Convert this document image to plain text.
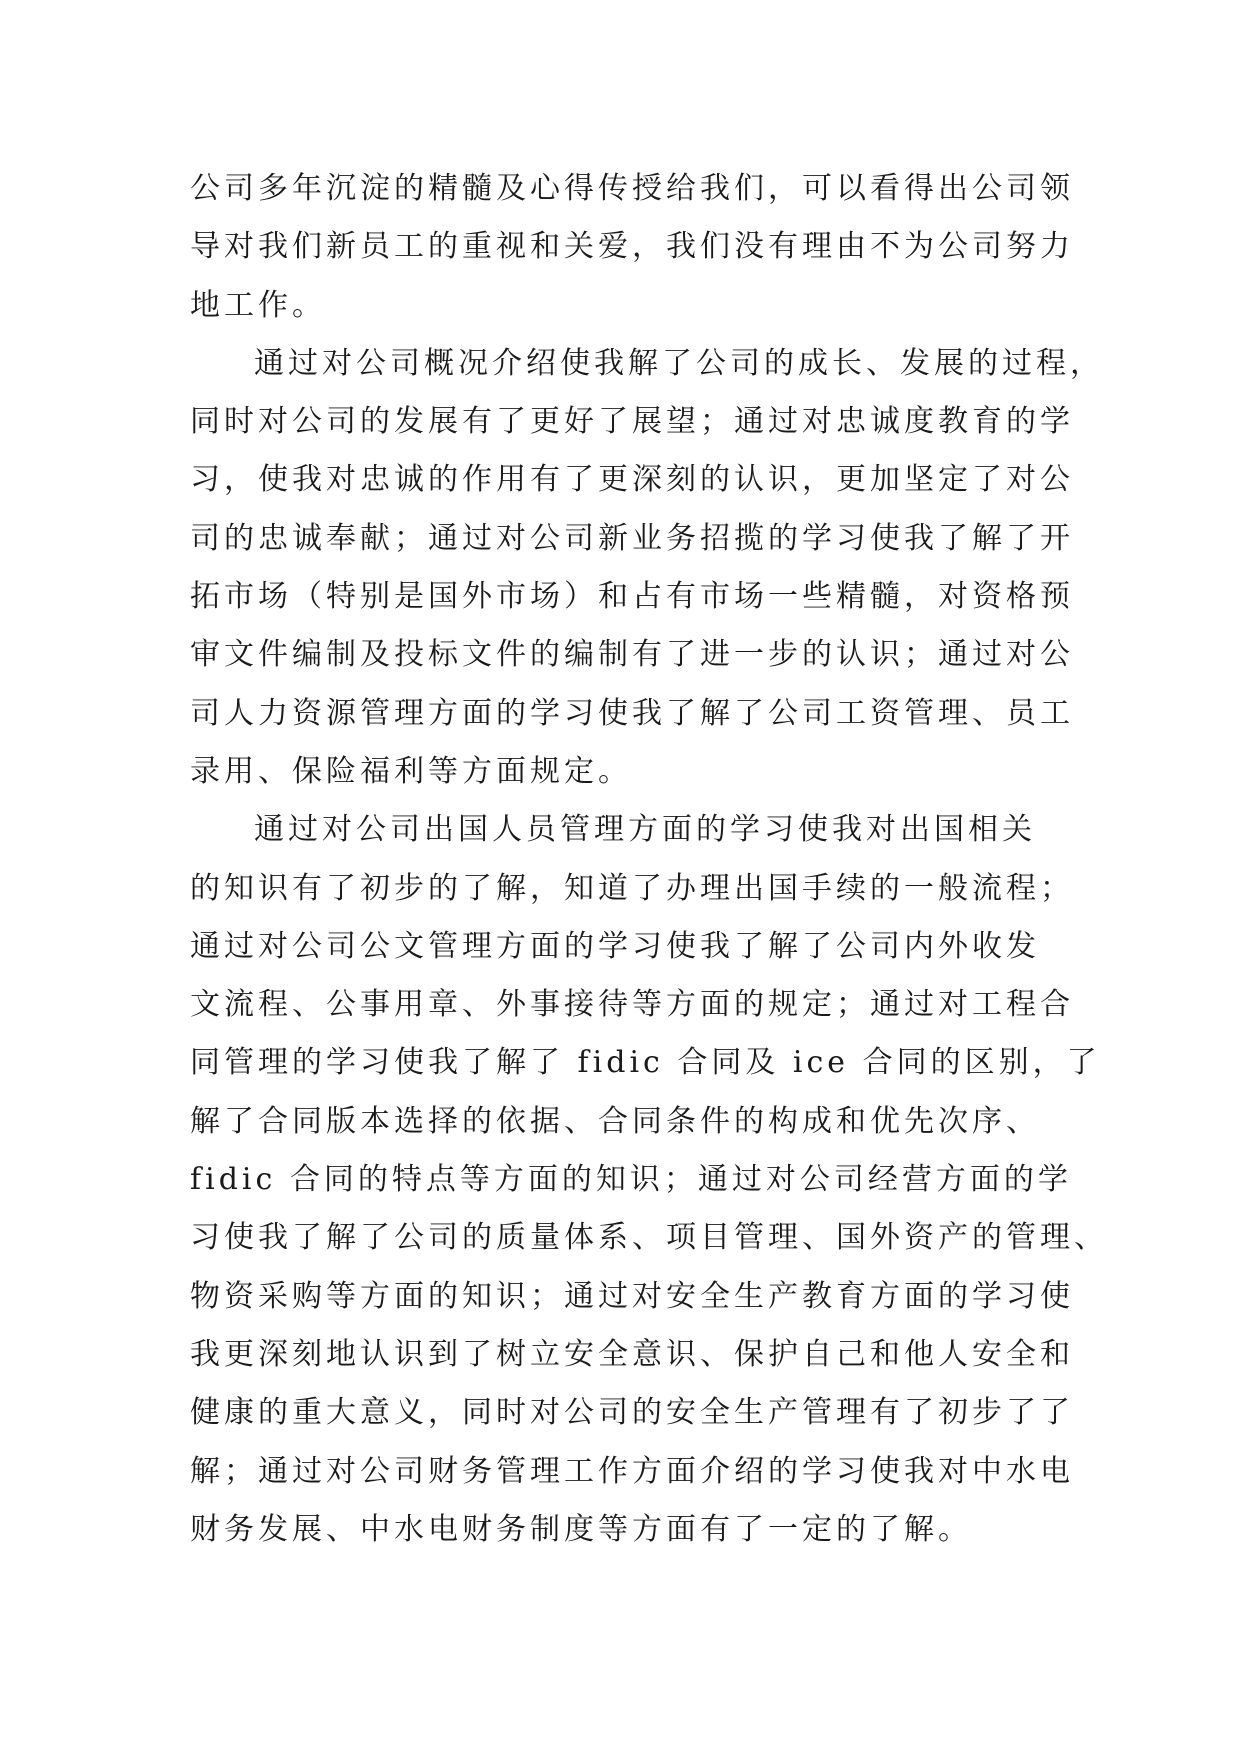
公司多年沉淀的精髓及心得传授给我们，可以看得出公司领
导对我们新员工的重视和关爱，我们没有理由不为公司努力
地工作。
通过对公司概况介绍使我解了公司的成长、发展的过程，
同时对公司的发展有了更好了展望；通过对忠诚度教育的学
习，使我对忠诚的作用有了更深刻的认识，更加坚定了对公
司的忠诚奉献；通过对公司新业务招揽的学习使我了解了开
拓市场（特别是国外市场）和占有市场一些精髓，对资格预
审文件编制及投标文件的编制有了进一步的认识；通过对公
司人力资源管理方面的学习使我了解了公司工资管理、员工
录用、保险福利等方面规定。
通过对公司出国人员管理方面的学习使我对出国相关
的知识有了初步的了解，知道了办理出国手续的一般流程；
通过对公司公文管理方面的学习使我了解了公司内外收发
文流程、公事用章、外事接待等方面的规定；通过对工程合
同管理的学习使我了解了 fidic 合同及 ice 合同的区别，了
解了合同版本选择的依据、合同条件的构成和优先次序、
fidic 合同的特点等方面的知识；通过对公司经营方面的学
习使我了解了公司的质量体系、项目管理、国外资产的管理、
物资采购等方面的知识；通过对安全生产教育方面的学习使
我更深刻地认识到了树立安全意识、保护自己和他人安全和
健康的重大意义，同时对公司的安全生产管理有了初步了了
解；通过对公司财务管理工作方面介绍的学习使我对中水电
财务发展、中水电财务制度等方面有了一定的了解。
